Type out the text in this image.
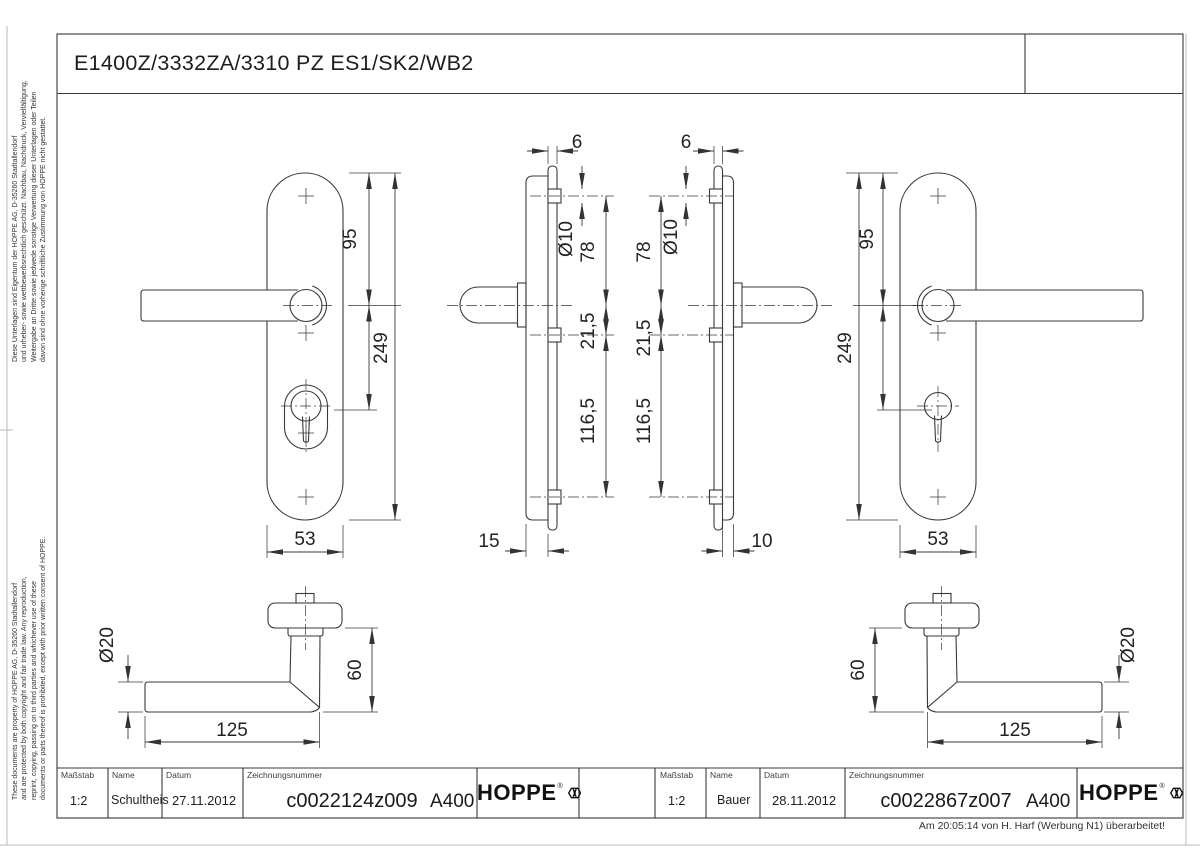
95
249
53
6
Ø10 78
21,5
116,5
15
6
Ø10
78
21,5
116,5
10
95
249
53
Ø20
60
125
60
Ø20
125
E1400Z/3332ZA/3310 PZ ES1/SK2/WB2
Diese Unterlagen sind Eigentum der HOPPE AG, D-35260 Stadtallendorf und urheber- sowie wettbewerbsrechtlich geschützt. Nachbau, Nachdruck, Vervielfältigung, Weitergabe an Dritte sowie jedwede sonstige Verwertung dieser Unterlagen oder Teilen davon sind ohne vorherige schriftliche Zustimmung von HOPPE nicht gestattet.
These documents are property of HOPPE AG, D-35260 Stadtallendorf and are protected by both copyright and fair trade law. Any reproduction, reprint, copying, passing on to third parties and whichever use of these documents or parts thereof is prohibited, except with prior written consent of HOPPE. Maßstab
1:2
Name
Schultheis
Datum
27.11.2012
Zeichnungsnummer
c0022124z009 A400 HOPPE®
Maßstab
1:2
Name
Bauer
Datum
28.11.2012
Zeichnungsnummer
c0022867z007 A400 HOPPE®
Am 20:05:14 von H. Harf (Werbung N1) überarbeitet!
